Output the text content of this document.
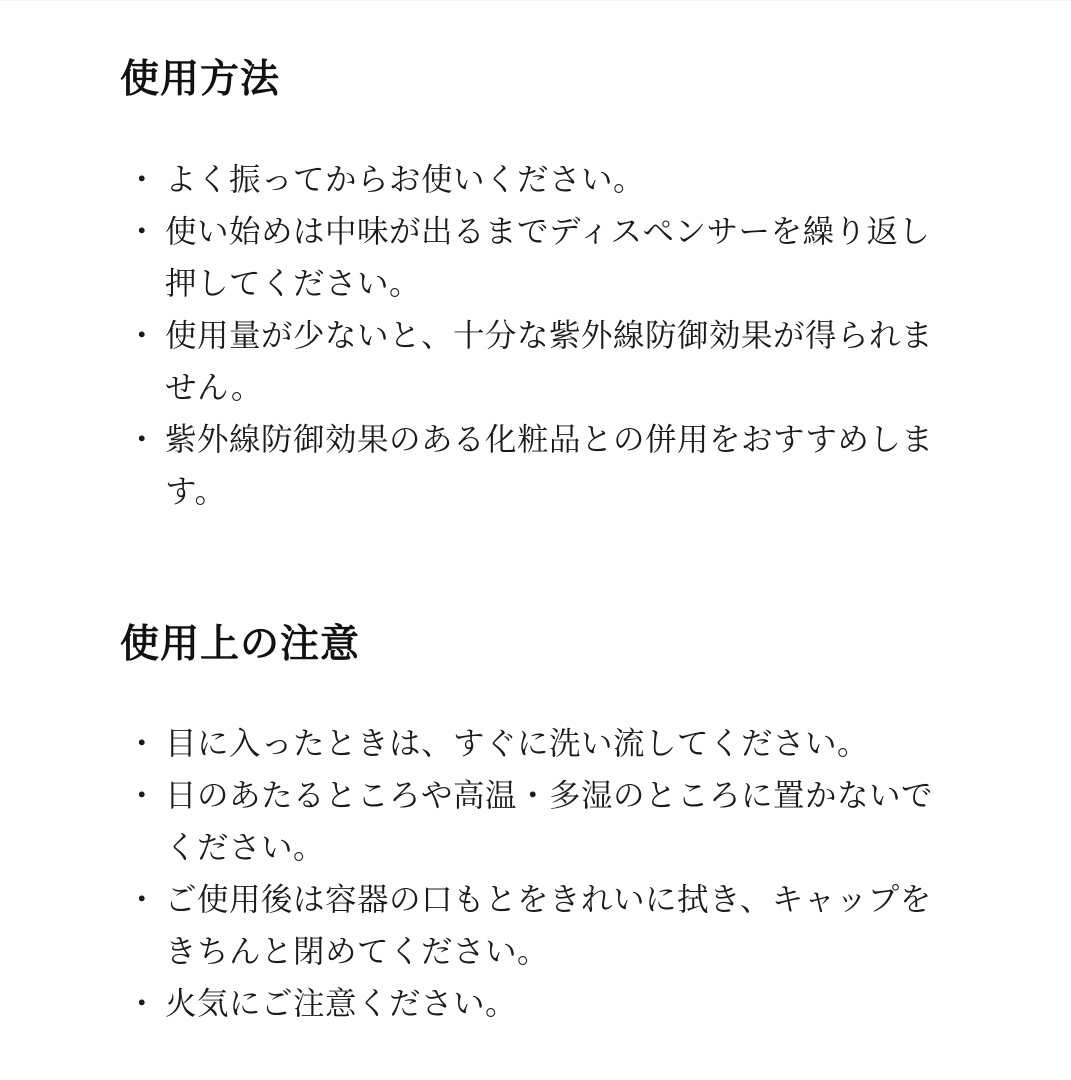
使用方法
・ よく振ってからお使いください。
・ 使い始めは中味が出るまでディスペンサーを繰り返し押してください。
・ 使用量が少ないと、十分な紫外線防御効果が得られません。
・ 紫外線防御効果のある化粧品との併用をおすすめします。
使用上の注意
・ 目に入ったときは、すぐに洗い流してください。
・ 日のあたるところや高温・多湿のところに置かないでください。
・ ご使用後は容器の口もとをきれいに拭き、キャップをきちんと閉めてください。
・ 火気にご注意ください。
